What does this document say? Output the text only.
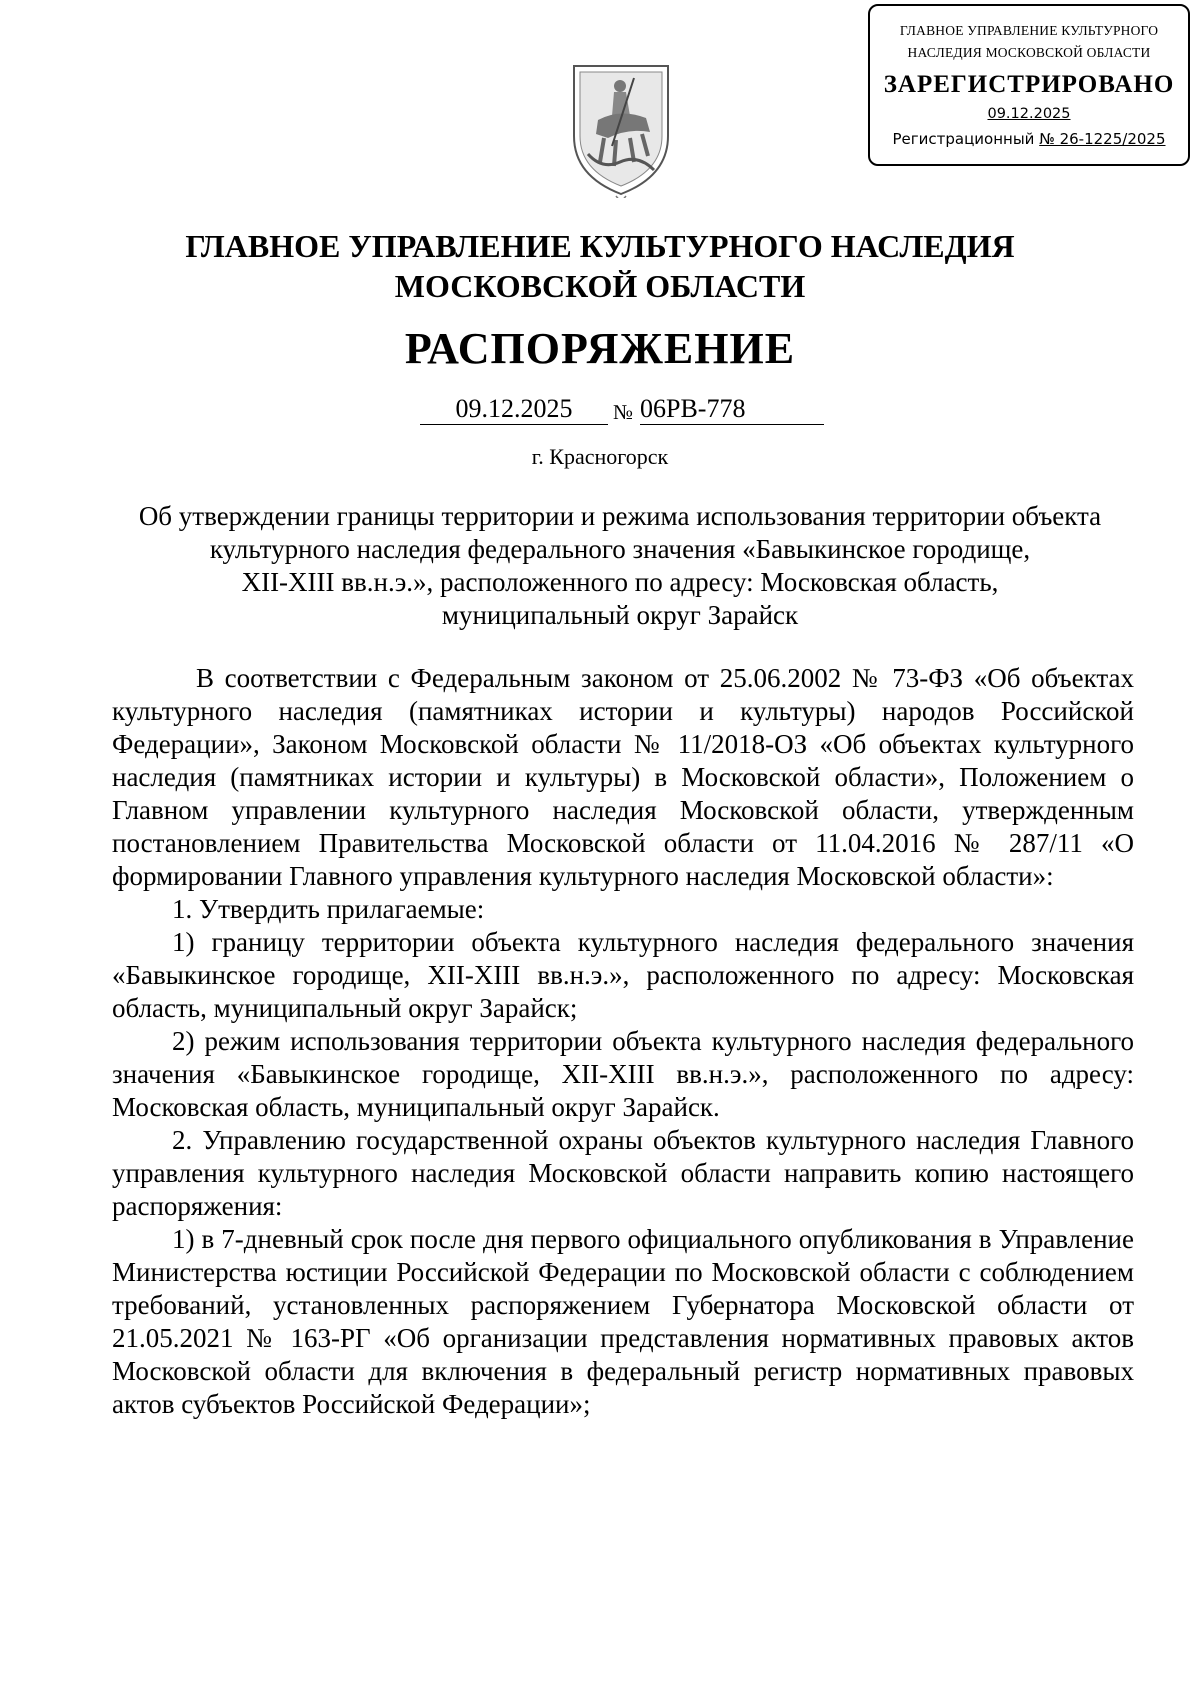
ГЛАВНОЕ УПРАВЛЕНИЕ КУЛЬТУРНОГО
НАСЛЕДИЯ МОСКОВСКОЙ ОБЛАСТИ
ЗАРЕГИСТРИРОВАНО
09.12.2025
Регистрационный № 26-1225/2025
ГЛАВНОЕ УПРАВЛЕНИЕ КУЛЬТУРНОГО НАСЛЕДИЯ
МОСКОВСКОЙ ОБЛАСТИ
РАСПОРЯЖЕНИЕ
09.12.2025	№ 06РВ-778
г. Красногорск
Об утверждении границы территории и режима использования территории объекта
культурного наследия федерального значения «Бавыкинское городище,
XII-XIII вв.н.э.», расположенного по адресу: Московская область,
муниципальный округ Зарайск

В соответствии с Федеральным законом от 25.06.2002 № 73-ФЗ «Об объектах культурного наследия (памятниках истории и культуры) народов Российской Федерации», Законом Московской области № 11/2018-ОЗ «Об объектах культурного наследия (памятниках истории и культуры) в Московской области», Положением о Главном управлении культурного наследия Московской области, утвержденным постановлением Правительства Московской области от 11.04.2016 № 287/11 «О формировании Главного управления культурного наследия Московской области»:

1. Утвердить прилагаемые:

1) границу территории объекта культурного наследия федерального значения «Бавыкинское городище, XII-XIII вв.н.э.», расположенного по адресу: Московская область, муниципальный округ Зарайск;

2) режим использования территории объекта культурного наследия федерального значения «Бавыкинское городище, XII-XIII вв.н.э.», расположенного по адресу: Московская область, муниципальный округ Зарайск.

2. Управлению государственной охраны объектов культурного наследия Главного управления культурного наследия Московской области направить копию настоящего распоряжения:

1) в 7-дневный срок после дня первого официального опубликования в Управление Министерства юстиции Российской Федерации по Московской области с соблюдением требований, установленных распоряжением Губернатора Московской области от 21.05.2021 № 163-РГ «Об организации представления нормативных правовых актов Московской области для включения в федеральный регистр нормативных правовых актов субъектов Российской Федерации»;
